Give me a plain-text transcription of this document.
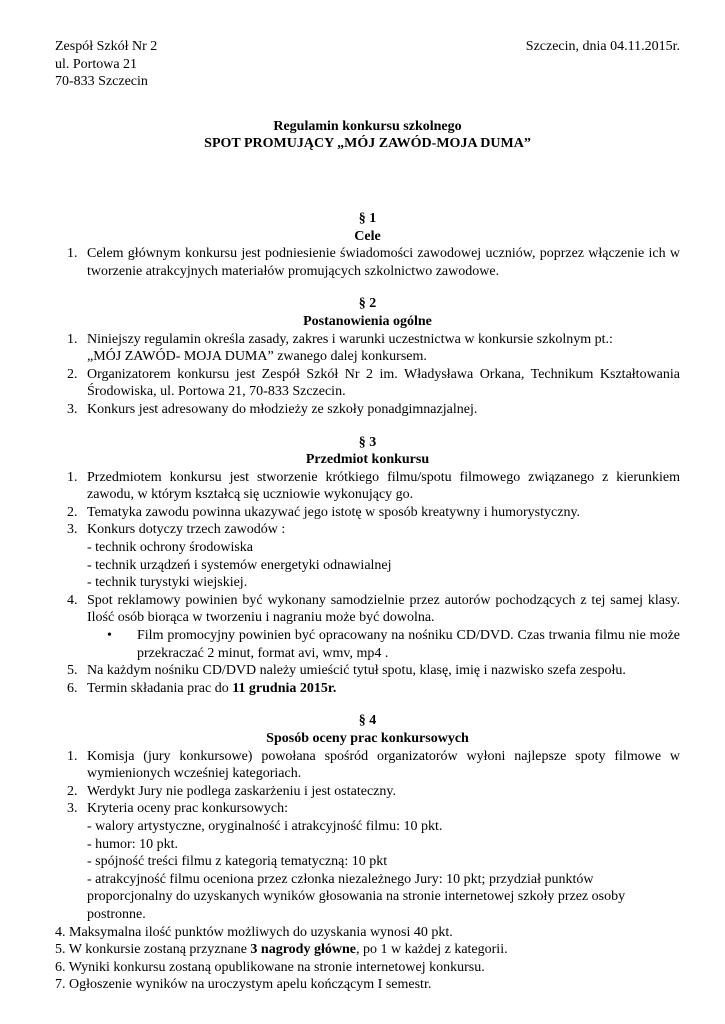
Zespół Szkół Nr 2
ul. Portowa 21
70-833 Szczecin
Szczecin, dnia 04.11.2015r.
Regulamin konkursu szkolnego
SPOT PROMUJĄCY „MÓJ ZAWÓD-MOJA DUMA”
§ 1
Cele
1. Celem głównym konkursu jest podniesienie świadomości zawodowej uczniów, poprzez włączenie ich w tworzenie atrakcyjnych materiałów promujących szkolnictwo zawodowe.
§ 2
Postanowienia ogólne
1. Niniejszy regulamin określa zasady, zakres i warunki uczestnictwa w konkursie szkolnym pt.:
„MÓJ ZAWÓD- MOJA DUMA” zwanego dalej konkursem.
2. Organizatorem konkursu jest Zespół Szkół Nr 2 im. Władysława Orkana, Technikum Kształtowania Środowiska, ul. Portowa 21, 70-833 Szczecin.
3. Konkurs jest adresowany do młodzieży ze szkoły ponadgimnazjalnej.
§ 3
Przedmiot konkursu
1. Przedmiotem konkursu jest stworzenie krótkiego filmu/spotu filmowego związanego z kierunkiem zawodu, w którym kształcą się uczniowie wykonujący go.
2. Tematyka zawodu powinna ukazywać jego istotę w sposób kreatywny i humorystyczny.
3. Konkurs dotyczy trzech zawodów :
- technik ochrony środowiska
- technik urządzeń i systemów energetyki odnawialnej
- technik turystyki wiejskiej.
4. Spot reklamowy powinien być wykonany samodzielnie przez autorów pochodzących z tej samej klasy. Ilość osób biorąca w tworzeniu i nagraniu może być dowolna.
•	Film promocyjny powinien być opracowany na nośniku CD/DVD. Czas trwania filmu nie może przekraczać 2 minut, format avi, wmv, mp4 .
5. Na każdym nośniku CD/DVD należy umieścić tytuł spotu, klasę, imię i nazwisko szefa zespołu.
6. Termin składania prac do 11 grudnia 2015r.
§ 4
Sposób oceny prac konkursowych
1. Komisja (jury konkursowe) powołana spośród organizatorów wyłoni najlepsze spoty filmowe w wymienionych wcześniej kategoriach.
2. Werdykt Jury nie podlega zaskarżeniu i jest ostateczny.
3. Kryteria oceny prac konkursowych:
- walory artystyczne, oryginalność i atrakcyjność filmu: 10 pkt.
- humor: 10 pkt.
- spójność treści filmu z kategorią tematyczną: 10 pkt
- atrakcyjność filmu oceniona przez członka niezależnego Jury: 10 pkt; przydział punktów proporcjonalny do uzyskanych wyników głosowania na stronie internetowej szkoły przez osoby postronne.
4. Maksymalna ilość punktów możliwych do uzyskania wynosi 40 pkt.
5. W konkursie zostaną przyznane 3 nagrody główne, po 1 w każdej z kategorii.
6. Wyniki konkursu zostaną opublikowane na stronie internetowej konkursu.
7. Ogłoszenie wyników na uroczystym apelu kończącym I semestr.
